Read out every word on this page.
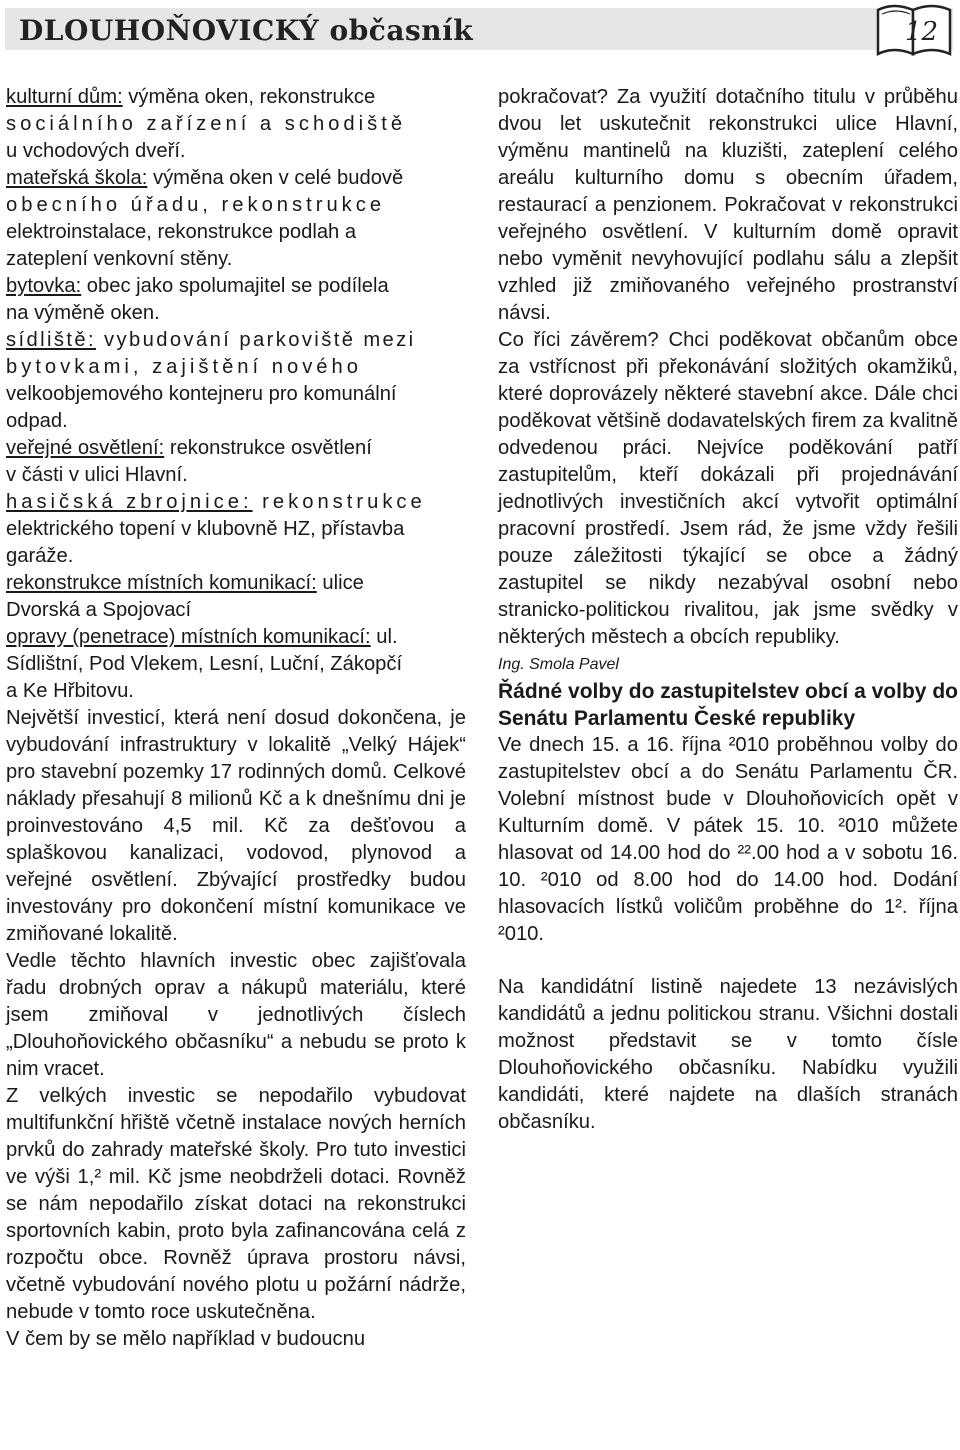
DLOUHOŇOVICKÝ občasník	12

kulturní dům: výměna oken, rekonstrukce
sociálního zařízení a schodiště
u vchodových dveří.

mateřská škola: výměna oken v celé budově
obecního úřadu, rekonstrukce
elektroinstalace, rekonstrukce podlah a
zateplení venkovní stěny.

bytovka: obec jako spolumajitel se podílela
na výměně oken.

sídliště: vybudování parkoviště mezi
bytovkami, zajištění nového
velkoobjemového kontejneru pro komunální
odpad.

veřejné osvětlení: rekonstrukce osvětlení
v části v ulici Hlavní.

hasičská zbrojnice: rekonstrukce
elektrického topení v klubovně HZ, přístavba
garáže.

rekonstrukce místních komunikací: ulice
Dvorská a Spojovací

opravy (penetrace) místních komunikací: ul.
Sídlištní, Pod Vlekem, Lesní, Luční, Zákopčí
a Ke Hřbitovu.

Největší investicí, která není dosud dokončena, je vybudování infrastruktury v lokalitě „Velký Hájek“ pro stavební pozemky 17 rodinných domů. Celkové náklady přesahují 8 milionů Kč a k dnešnímu dni je proinvestováno 4,5 mil. Kč za dešťovou a splaškovou kanalizaci, vodovod, plynovod a veřejné osvětlení. Zbývající prostředky budou investovány pro dokončení místní komunikace ve zmiňované lokalitě.

Vedle těchto hlavních investic obec zajišťovala řadu drobných oprav a nákupů materiálu, které jsem zmiňoval v jednotlivých číslech „Dlouhoňovického občasníku“ a nebudu se proto k nim vracet.

Z velkých investic se nepodařilo vybudovat multifunkční hřiště včetně instalace nových herních prvků do zahrady mateřské školy. Pro tuto investici ve výši 1,² mil. Kč jsme neobdrželi dotaci. Rovněž se nám nepodařilo získat dotaci na rekonstrukci sportovních kabin, proto byla zafinancována celá z rozpočtu obce. Rovněž úprava prostoru návsi, včetně vybudování nového plotu u požární nádrže, nebude v tomto roce uskutečněna.

V čem by se mělo například v budoucnu

pokračovat? Za využití dotačního titulu v průběhu dvou let uskutečnit rekonstrukci ulice Hlavní, výměnu mantinelů na kluzišti, zateplení celého areálu kulturního domu s obecním úřadem, restaurací a penzionem. Pokračovat v rekonstrukci veřejného osvětlení. V kulturním domě opravit nebo vyměnit nevyhovující podlahu sálu a zlepšit vzhled již zmiňovaného veřejného prostranství návsi.

Co říci závěrem? Chci poděkovat občanům obce za vstřícnost při překonávání složitých okamžiků, které doprovázely některé stavební akce. Dále chci poděkovat většině dodavatelských firem za kvalitně odvedenou práci. Nejvíce poděkování patří zastupitelům, kteří dokázali při projednávání jednotlivých investičních akcí vytvořit optimální pracovní prostředí. Jsem rád, že jsme vždy řešili pouze záležitosti týkající se obce a žádný zastupitel se nikdy nezabýval osobní nebo stranicko-politickou rivalitou, jak jsme svědky v některých městech a obcích republiky.

Ing. Smola Pavel

Řádné volby do zastupitelstev obcí a volby do Senátu Parlamentu České republiky

Ve dnech 15. a 16. října ²010 proběhnou volby do zastupitelstev obcí a do Senátu Parlamentu ČR. Volební místnost bude v Dlouhoňovicích opět v Kulturním domě. V pátek 15. 10. ²010 můžete hlasovat od 14.00 hod do ²².00 hod a v sobotu 16. 10. ²010 od 8.00 hod do 14.00 hod. Dodání hlasovacích lístků voličům proběhne do 1². října ²010.

Na kandidátní listině najedete 13 nezávislých kandidátů a jednu politickou stranu. Všichni dostali možnost představit se v tomto čísle Dlouhoňovického občasníku. Nabídku využili kandidáti, které najdete na dlaších stranách občasníku.
